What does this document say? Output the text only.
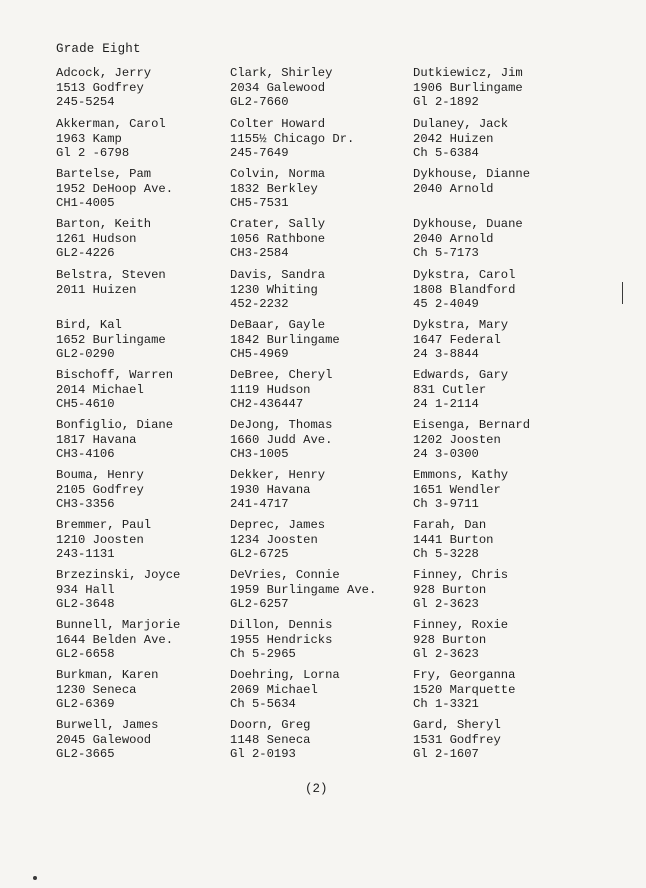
Grade Eight
Adcock, Jerry
1513 Godfrey
245-5254
Akkerman, Carol
1963 Kamp
Gl 2 -6798
Bartelse, Pam
1952 DeHoop Ave.
CH1-4005
Barton, Keith
1261 Hudson
GL2-4226
Belstra, Steven
2011 Huizen
Bird, Kal
1652 Burlingame
GL2-0290
Bischoff, Warren
2014 Michael
CH5-4610
Bonfiglio, Diane
1817 Havana
CH3-4106
Bouma, Henry
2105 Godfrey
CH3-3356
Bremmer, Paul
1210 Joosten
243-1131
Brzezinski, Joyce
934 Hall
GL2-3648
Bunnell, Marjorie
1644 Belden Ave.
GL2-6658
Burkman, Karen
1230 Seneca
GL2-6369
Burwell, James
2045 Galewood
GL2-3665
Clark, Shirley
2034 Galewood
GL2-7660
Colter Howard
1155½ Chicago Dr.
245-7649
Colvin, Norma
1832 Berkley
CH5-7531
Crater, Sally
1056 Rathbone
CH3-2584
Davis, Sandra
1230 Whiting
452-2232
DeBaar, Gayle
1842 Burlingame
CH5-4969
DeBree, Cheryl
1119 Hudson
CH2-436447
DeJong, Thomas
1660 Judd Ave.
CH3-1005
Dekker, Henry
1930 Havana
241-4717
Deprec, James
1234 Joosten
GL2-6725
DeVries, Connie
1959 Burlingame Ave.
GL2-6257
Dillon, Dennis
1955 Hendricks
Ch 5-2965
Doehring, Lorna
2069 Michael
Ch 5-5634
Doorn, Greg
1148 Seneca
Gl 2-0193
Dutkiewicz, Jim
1906 Burlingame
Gl 2-1892
Dulaney, Jack
2042 Huizen
Ch 5-6384
Dykhouse, Dianne
2040 Arnold
Dykhouse, Duane
2040 Arnold
Ch 5-7173
Dykstra, Carol
1808 Blandford
45 2-4049
Dykstra, Mary
1647 Federal
24 3-8844
Edwards, Gary
831 Cutler
24 1-2114
Eisenga, Bernard
1202 Joosten
24 3-0300
Emmons, Kathy
1651 Wendler
Ch 3-9711
Farah, Dan
1441 Burton
Ch 5-3228
Finney, Chris
928 Burton
Gl 2-3623
Finney, Roxie
928 Burton
Gl 2-3623
Fry, Georganna
1520 Marquette
Ch 1-3321
Gard, Sheryl
1531 Godfrey
Gl 2-1607
(2)
